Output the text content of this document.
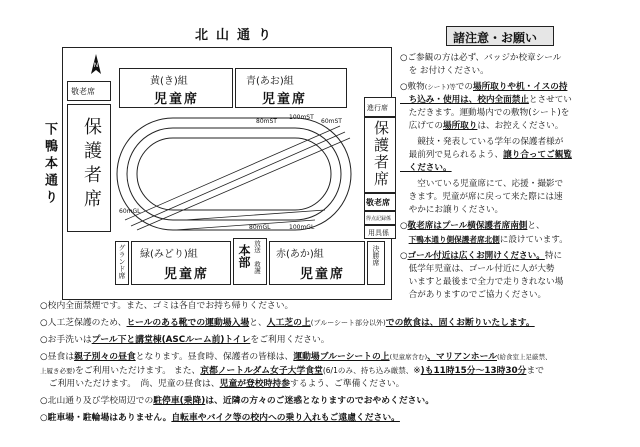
北山通り
下鴨本通り
N
敬老席
保護者席
黄(き)組
児童席
青(あお)組
児童席
80mST
100mST
60mST
60mGL
80mGL	100mGL
グランド席 緑(みどり)組
児童席
本部 放送
救護
赤(あか)組
児童席
決勝席
進行席
保護者席
敬老席
得点記録係
用具係
諸注意・お願い
○ご参観の方は必ず、バッジか校章シール
　を お付けください。
○敷物(シート)等での場所取りや机・イスの持
　ち込み・使用は、校内全面禁止とさせてい
　ただきます。運動場内での敷物(シート)を
　広げての場所取りは、お控えください。
　　競技・発表している学年の保護者様が
　最前列で見られるよう、譲り合ってご観覧
　ください。
　　空いている児童席にて、応援・撮影で
　きます。児童が席に戻って来た際には速
　やかにお譲りください。
○敬老席はプール横保護者席南側と、
　下鴨本通り側保護者席北側に設けています。
○ゴール付近は広くお開けください。特に
　低学年児童は、ゴール付近に人が大勢
　いますと最後まで全力で走りきれない場
　合がありますのでご協力ください。
○校内全面禁煙です。また、ゴミは各自でお持ち帰りください。
○人工芝保護のため、ヒールのある靴での運動場入場と、人工芝の上(ブルーシート部分以外)での飲食は、固くお断りいたします。
○お手洗いはプール下と講堂棟(ASCルーム前)トイレをご利用ください。
○昼食は親子別々の昼食となります。昼食時、保護者の皆様は、運動場ブルーシートの上(児童席含む)、マリアンホール(給食室上足厳禁、
上履き必要)をご利用いただけます。 また、京都ノートルダム女子大学食堂(6/1のみ、持ち込み厳禁、※)も11時15分～13時30分まで
　ご利用いただけます。　尚、児童の昼食は、児童が登校時持参するよう、ご準備ください。
○北山通り及び学校周辺での駐停車(乗降)は、近隣の方々のご迷惑となりますのでおやめください。
○駐車場・駐輪場はありません。自転車やバイク等の校内への乗り入れもご遠慮ください。
